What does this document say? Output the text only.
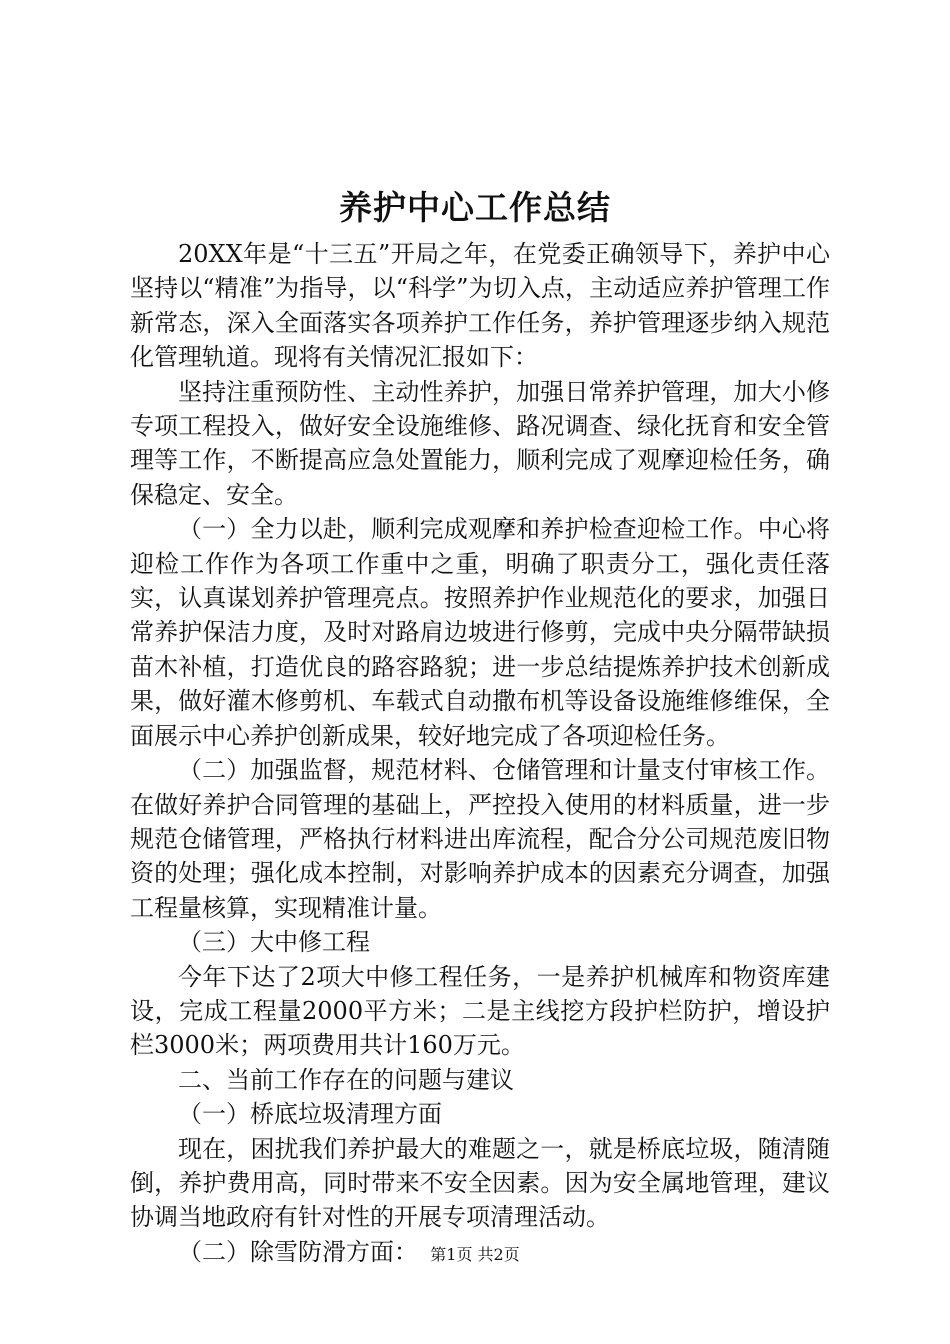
养护中心工作总结

20XX年是“十三五”开局之年，在党委正确领导下，养护中心坚持以“精准”为指导，以“科学”为切入点，主动适应养护管理工作新常态，深入全面落实各项养护工作任务，养护管理逐步纳入规范化管理轨道。现将有关情况汇报如下：

坚持注重预防性、主动性养护，加强日常养护管理，加大小修专项工程投入，做好安全设施维修、路况调查、绿化抚育和安全管理等工作，不断提高应急处置能力，顺利完成了观摩迎检任务，确保稳定、安全。

（一）全力以赴，顺利完成观摩和养护检查迎检工作。中心将迎检工作作为各项工作重中之重，明确了职责分工，强化责任落实，认真谋划养护管理亮点。按照养护作业规范化的要求，加强日常养护保洁力度，及时对路肩边坡进行修剪，完成中央分隔带缺损苗木补植，打造优良的路容路貌；进一步总结提炼养护技术创新成果，做好灌木修剪机、车载式自动撒布机等设备设施维修维保，全面展示中心养护创新成果，较好地完成了各项迎检任务。

（二）加强监督，规范材料、仓储管理和计量支付审核工作。在做好养护合同管理的基础上，严控投入使用的材料质量，进一步规范仓储管理，严格执行材料进出库流程，配合分公司规范废旧物资的处理；强化成本控制，对影响养护成本的因素充分调查，加强工程量核算，实现精准计量。

（三）大中修工程

今年下达了2项大中修工程任务，一是养护机械库和物资库建设，完成工程量2000平方米；二是主线挖方段护栏防护，增设护栏3000米；两项费用共计160万元。

二、当前工作存在的问题与建议

（一）桥底垃圾清理方面

现在，困扰我们养护最大的难题之一，就是桥底垃圾，随清随倒，养护费用高，同时带来不安全因素。因为安全属地管理，建议协调当地政府有针对性的开展专项清理活动。

（二）除雪防滑方面： 第1页 共2页
